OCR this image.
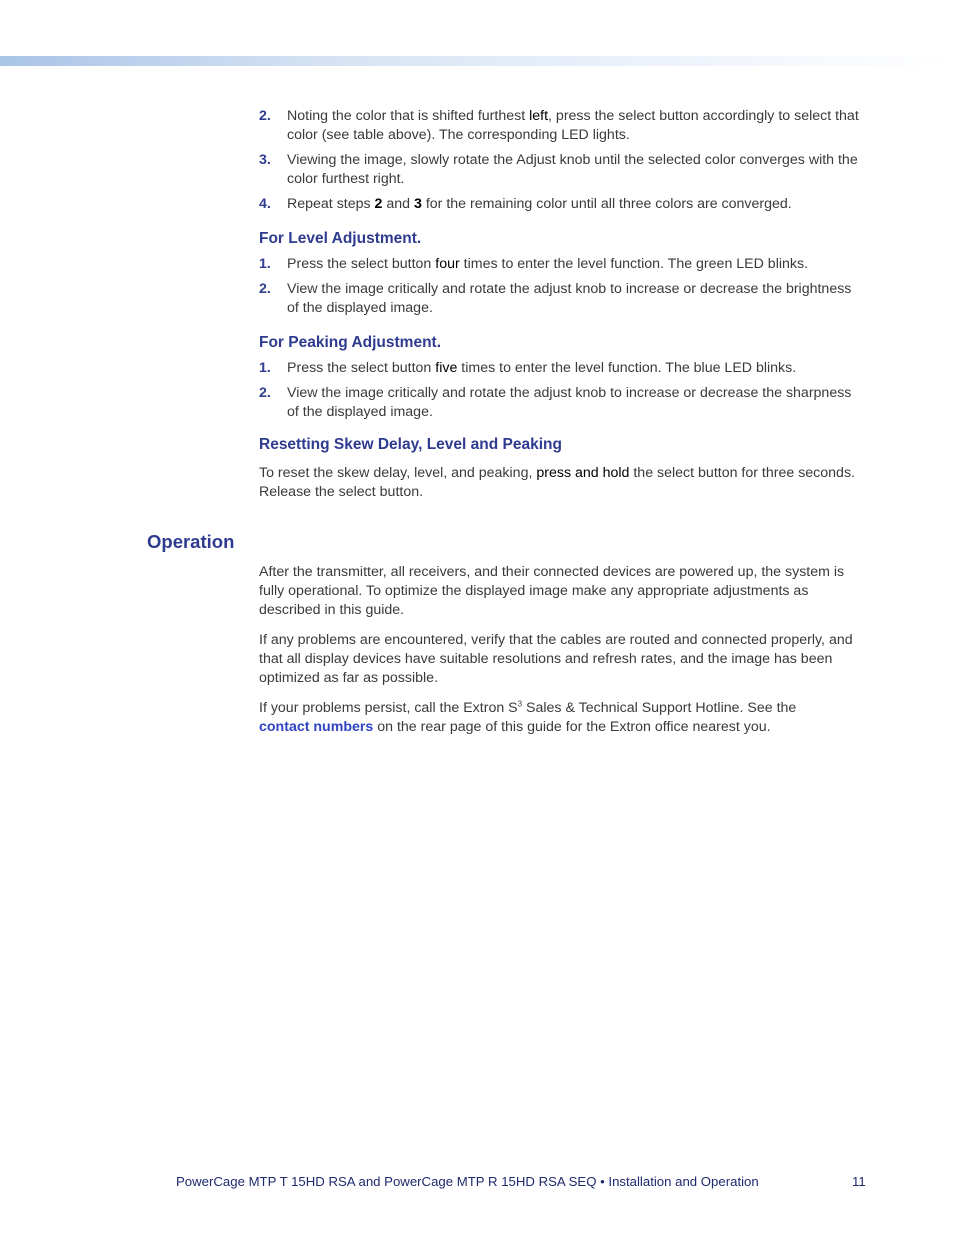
2. Noting the color that is shifted furthest left, press the select button accordingly to select that color (see table above). The corresponding LED lights.
3. Viewing the image, slowly rotate the Adjust knob until the selected color converges with the color furthest right.
4. Repeat steps 2 and 3 for the remaining color until all three colors are converged.
For Level Adjustment.
1. Press the select button four times to enter the level function. The green LED blinks.
2. View the image critically and rotate the adjust knob to increase or decrease the brightness of the displayed image.
For Peaking Adjustment.
1. Press the select button five times to enter the level function. The blue LED blinks.
2. View the image critically and rotate the adjust knob to increase or decrease the sharpness of the displayed image.
Resetting Skew Delay, Level and Peaking

To reset the skew delay, level, and peaking, press and hold the select button for three seconds. Release the select button.

Operation

After the transmitter, all receivers, and their connected devices are powered up, the system is fully operational. To optimize the displayed image make any appropriate adjustments as described in this guide.

If any problems are encountered, verify that the cables are routed and connected properly, and that all display devices have suitable resolutions and refresh rates, and the image has been optimized as far as possible.

If your problems persist, call the Extron $S^3$ Sales & Technical Support Hotline. See the
contact numbers on the rear page of this guide for the Extron office nearest you.

PowerCage MTP T 15HD RSA and PowerCage MTP R 15HD RSA SEQ • Installation and Operation	11
